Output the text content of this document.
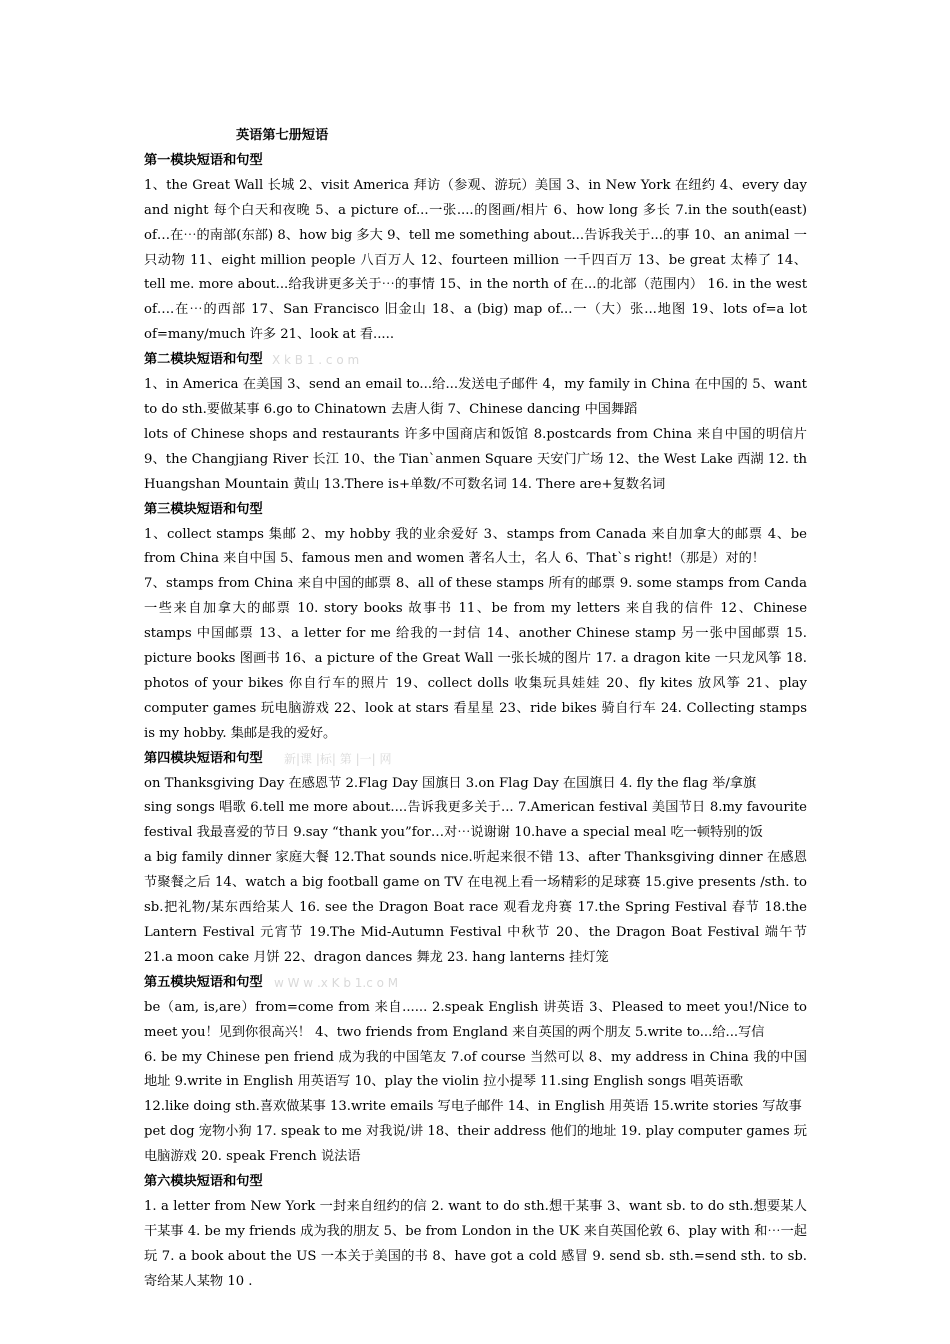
英语第七册短语
第一模块短语和句型

1、the Great Wall 长城 2、visit America 拜访（参观、游玩）美国 3、in New York 在纽约 4、every day and night 每个白天和夜晚 5、a picture of...一张....的图画/相片 6、how long 多长 7.in the south(east) of…在⋯的南部(东部) 8、how big 多大 9、tell me something about...告诉我关于...的事 10、an animal 一只动物 11、eight million people 八百万人 12、fourteen million 一千四百万 13、be great 太棒了 14、tell me. more about...给我讲更多关于⋯的事情 15、in the north of 在...的北部（范围内） 16. in the west of….在⋯的西部 17、San Francisco 旧金山 18、a (big) map of...一（大）张...地图 19、lots of=a lot of=many/much 许多 21、look at 看.....

第二模块短语和句型 X k B 1 . c o m

1、in America 在美国 3、send an email to...给...发送电子邮件 4，my family in China 在中国的 5、want to do sth.要做某事 6.go to Chinatown 去唐人街 7、Chinese dancing 中国舞蹈

lots of Chinese shops and restaurants 许多中国商店和饭馆 8.postcards from China 来自中国的明信片 9、the Changjiang River 长江 10、the Tian`anmen Square 天安门广场 12、the West Lake 西湖 12. th Huangshan Mountain 黄山 13.There is+单数/不可数名词 14. There are+复数名词

第三模块短语和句型

1、collect stamps 集邮 2、my hobby 我的业余爱好 3、stamps from Canada 来自加拿大的邮票 4、be from China 来自中国 5、famous men and women 著名人士，名人 6、That`s right!（那是）对的！

7、stamps from China 来自中国的邮票 8、all of these stamps 所有的邮票 9. some stamps from Canda 一些来自加拿大的邮票 10. story books 故事书 11、be from my letters 来自我的信件 12、Chinese stamps 中国邮票 13、a letter for me 给我的一封信 14、another Chinese stamp 另一张中国邮票 15. picture books 图画书 16、a picture of the Great Wall 一张长城的图片 17. a dragon kite 一只龙风筝 18. photos of your bikes 你自行车的照片 19、collect dolls 收集玩具娃娃 20、fly kites 放风筝 21、play computer games 玩电脑游戏 22、look at stars 看星星 23、ride bikes 骑自行车 24. Collecting stamps is my hobby. 集邮是我的爱好。

第四模块短语和句型 新|课 |标| 第 |一| 网

on Thanksgiving Day 在感恩节 2.Flag Day 国旗日 3.on Flag Day 在国旗日 4. fly the flag 举/拿旗

sing songs 唱歌 6.tell me more about....告诉我更多关于... 7.American festival 美国节日 8.my favourite festival 我最喜爱的节日 9.say “thank you”for…对⋯说谢谢 10.have a special meal 吃一顿特别的饭

a big family dinner 家庭大餐 12.That sounds nice.听起来很不错 13、after Thanksgiving dinner 在感恩节聚餐之后 14、watch a big football game on TV 在电视上看一场精彩的足球赛 15.give presents /sth. to sb.把礼物/某东西给某人 16. see the Dragon Boat race 观看龙舟赛 17.the Spring Festival 春节 18.the Lantern Festival 元宵节 19.The Mid-Autumn Festival 中秋节 20、the Dragon Boat Festival 端午节 21.a moon cake 月饼 22、dragon dances 舞龙 23. hang lanterns 挂灯笼

第五模块短语和句型 w W w .x K b 1.c o M

be（am, is,are）from=come from 来自...... 2.speak English 讲英语 3、Pleased to meet you!/Nice to meet you！见到你很高兴！ 4、two friends from England 来自英国的两个朋友 5.write to...给...写信

6. be my Chinese pen friend 成为我的中国笔友 7.of course 当然可以 8、my address in China 我的中国地址 9.write in English 用英语写 10、play the violin 拉小提琴 11.sing English songs 唱英语歌

12.like doing sth.喜欢做某事 13.write emails 写电子邮件 14、in English 用英语 15.write stories 写故事

pet dog 宠物小狗 17. speak to me 对我说/讲 18、their address 他们的地址 19. play computer games 玩电脑游戏 20. speak French 说法语

第六模块短语和句型

1. a letter from New York 一封来自纽约的信 2. want to do sth.想干某事 3、want sb. to do sth.想要某人干某事 4. be my friends 成为我的朋友 5、be from London in the UK 来自英国伦敦 6、play with 和⋯一起玩 7. a book about the US 一本关于美国的书 8、have got a cold 感冒 9. send sb. sth.=send sth. to sb. 寄给某人某物 10 .
